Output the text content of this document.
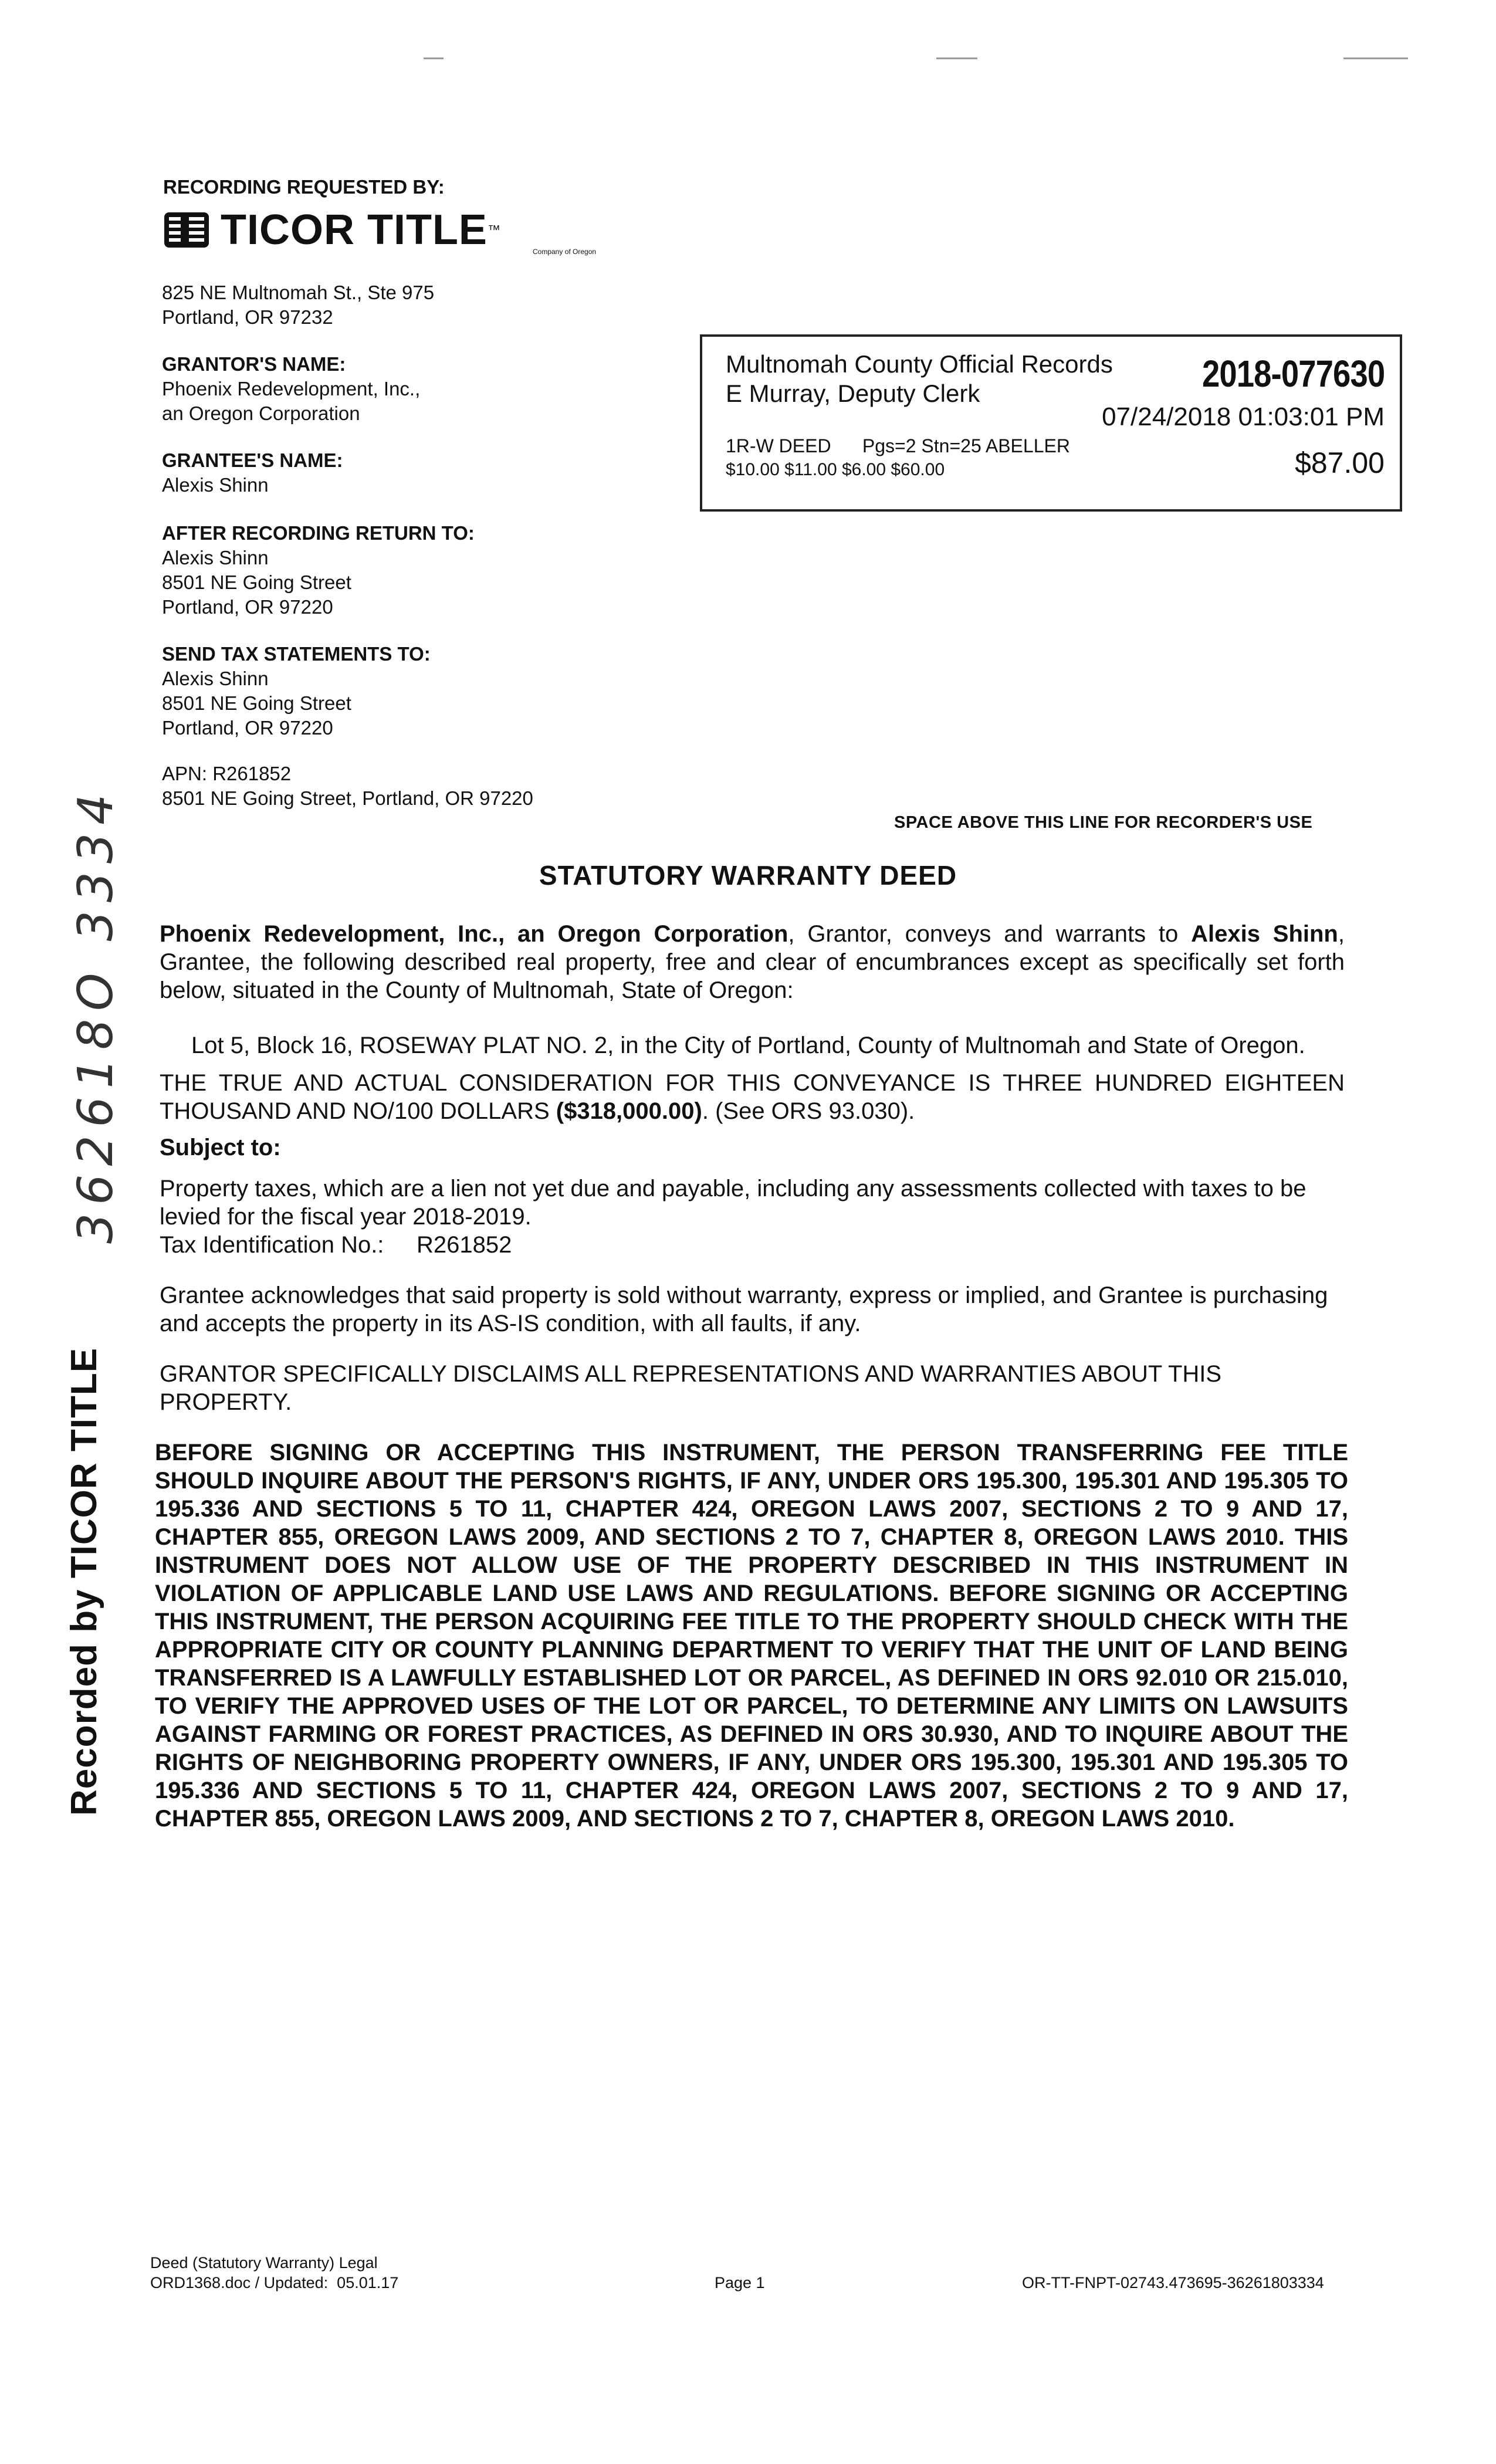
RECORDING REQUESTED BY:
TICOR TITLE ™
Company of Oregon
825 NE Multnomah St., Ste 975
Portland, OR 97232
GRANTOR'S NAME:
Phoenix Redevelopment, Inc.,
an Oregon Corporation
GRANTEE'S NAME:
Alexis Shinn
AFTER RECORDING RETURN TO:
Alexis Shinn
8501 NE Going Street
Portland, OR 97220
SEND TAX STATEMENTS TO:
Alexis Shinn
8501 NE Going Street
Portland, OR 97220
APN: R261852
8501 NE Going Street, Portland, OR 97220
Multnomah County Official Records
E Murray, Deputy Clerk	2018-077630
07/24/2018 01:03:01 PM
1R-W DEED      Pgs=2 Stn=25 ABELLER
$10.00 $11.00 $6.00 $60.00	$87.00
SPACE ABOVE THIS LINE FOR RECORDER'S USE
STATUTORY WARRANTY DEED
Phoenix Redevelopment, Inc., an Oregon Corporation, Grantor, conveys and warrants to Alexis Shinn, Grantee, the following described real property, free and clear of encumbrances except as specifically set forth below, situated in the County of Multnomah, State of Oregon:
Lot 5, Block 16, ROSEWAY PLAT NO. 2, in the City of Portland, County of Multnomah and State of Oregon.
THE TRUE AND ACTUAL CONSIDERATION FOR THIS CONVEYANCE IS THREE HUNDRED EIGHTEEN THOUSAND AND NO/100 DOLLARS ($318,000.00). (See ORS 93.030).
Subject to:
Property taxes, which are a lien not yet due and payable, including any assessments collected with taxes to be levied for the fiscal year 2018-2019.
Tax Identification No.:     R261852
Grantee acknowledges that said property is sold without warranty, express or implied, and Grantee is purchasing and accepts the property in its AS-IS condition, with all faults, if any.
GRANTOR SPECIFICALLY DISCLAIMS ALL REPRESENTATIONS AND WARRANTIES ABOUT THIS PROPERTY.
BEFORE SIGNING OR ACCEPTING THIS INSTRUMENT, THE PERSON TRANSFERRING FEE TITLE SHOULD INQUIRE ABOUT THE PERSON'S RIGHTS, IF ANY, UNDER ORS 195.300, 195.301 AND 195.305 TO 195.336 AND SECTIONS 5 TO 11, CHAPTER 424, OREGON LAWS 2007, SECTIONS 2 TO 9 AND 17, CHAPTER 855, OREGON LAWS 2009, AND SECTIONS 2 TO 7, CHAPTER 8, OREGON LAWS 2010. THIS INSTRUMENT DOES NOT ALLOW USE OF THE PROPERTY DESCRIBED IN THIS INSTRUMENT IN VIOLATION OF APPLICABLE LAND USE LAWS AND REGULATIONS. BEFORE SIGNING OR ACCEPTING THIS INSTRUMENT, THE PERSON ACQUIRING FEE TITLE TO THE PROPERTY SHOULD CHECK WITH THE APPROPRIATE CITY OR COUNTY PLANNING DEPARTMENT TO VERIFY THAT THE UNIT OF LAND BEING TRANSFERRED IS A LAWFULLY ESTABLISHED LOT OR PARCEL, AS DEFINED IN ORS 92.010 OR 215.010, TO VERIFY THE APPROVED USES OF THE LOT OR PARCEL, TO DETERMINE ANY LIMITS ON LAWSUITS AGAINST FARMING OR FOREST PRACTICES, AS DEFINED IN ORS 30.930, AND TO INQUIRE ABOUT THE RIGHTS OF NEIGHBORING PROPERTY OWNERS, IF ANY, UNDER ORS 195.300, 195.301 AND 195.305 TO 195.336 AND SECTIONS 5 TO 11, CHAPTER 424, OREGON LAWS 2007, SECTIONS 2 TO 9 AND 17, CHAPTER 855, OREGON LAWS 2009, AND SECTIONS 2 TO 7, CHAPTER 8, OREGON LAWS 2010.
Recorded by TICOR TITLE
362618O 3334
Deed (Statutory Warranty) Legal
ORD1368.doc / Updated:  05.01.17	Page 1	OR-TT-FNPT-02743.473695-36261803334
